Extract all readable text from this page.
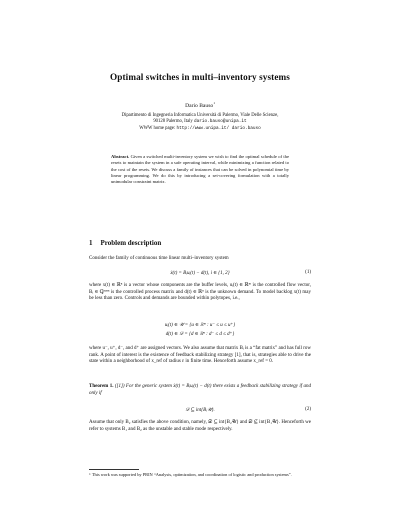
Optimal switches in multi–inventory systems
Dario Bauso$^1$
Dipartimento di Ingegneria Informatica Università di Palermo, Viale Delle Scienze,
90128 Palermo, Italy dario.bauso@unipa.it
WWW home page: http://www.unipa.it/ dario.bauso
Abstract. Given a switched multi-inventory system we wish to find the optimal schedule of the resets to maintain the system in a safe operating interval, while minimizing a function related to the cost of the resets. We discuss a family of instances that can be solved in polynomial time by linear programming. We do this by introducing a set-covering formulation with a totally unimodular constraint matrix.
1 Problem description
Consider the family of continuous time linear multi–inventory system
ẋ(t) = Bᵢuᵢ(t) − d(t), i ∈ {1, 2}	(1)
where x(t) ∈ ℝⁿ is a vector whose components are the buffer levels, uᵢ(t) ∈ ℝᵐ is the controlled flow vector, Bᵢ ∈ ℚⁿˣᵐ is the controlled process matrix and d(t) ∈ ℝⁿ is the unknown demand. To model backlog x(t) may be less than zero. Controls and demands are bounded within polytopes, i.e.,
uᵢ(t) ∈ 𝒰 = {u ∈ ℝᵐ : u⁻ ≤ u ≤ u⁺}
d(t) ∈ 𝒟 = {d ∈ ℝⁿ : d⁻ ≤ d ≤ d⁺}
where u⁻, u⁺, d⁻, and d⁺ are assigned vectors. We also assume that matrix Bᵢ is a “fat matrix” and has full row rank. A point of interest is the existence of feedback stabilizing strategy [1], that is, strategies able to drive the state within a neighborhood of x_ref of radius ε in finite time. Henceforth assume x_ref = 0.
Theorem 1. ([1]) For the generic system ẋ(t) = Bᵢuᵢ(t) − d(t) there exists a feedback stabilizing strategy if and only if
𝒟 ⊆ int{Bᵢ𝒰}.	(2)
Assume that only B₂ satisfies the above condition, namely, 𝒟 ⊆ int{B₂𝒰} and 𝒟 ⊈ int{B₁𝒰}. Henceforth we refer to systems B₁ and B₂ as the unstable and stable mode respectively.
$^1$ This work was supported by PRIN “Analysis, optimization, and coordination of logistic and production systems”.
